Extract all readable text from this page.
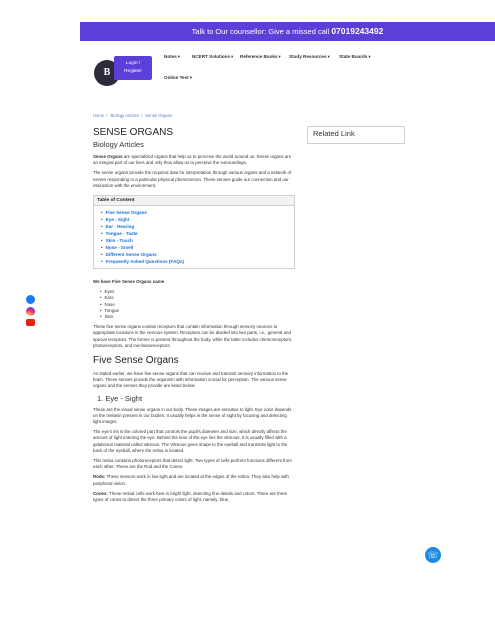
Talk to Our counsellor: Give a missed call 07019243492
B
Login /
Register
Notes▾	NCERT Solutions▾ Reference Books▾ Study Resources▾ State Boards▾
Online Test▾
Home / Biology Articles / Sense Organs
SENSE ORGANS
Biology Articles

Sense Organs are specialized organs that help us to perceive the world around us. Sense organs are an integral part of our lives and only thus allow us to perceive the surroundings.

The sense organs provide the required data for interpretation through various organs and a network of nerves responding to a particular physical phenomenon. These senses guide our connection and our interaction with the environment.

Table of Content
• Five Sense Organs
• Eye - Sight
• Ear - Hearing
• Tongue - Taste
• Skin - Touch
• Nose - Smell
• Different Sense Organs
• Frequently Asked Questions (FAQs)

We have Five Sense Organs name

• Eyes
• Ears
• Nose
• Tongue
• Skin

These five sense organs contain receptors that contain information through sensory neurons to appropriate locations in the nervous system. Receptors can be divided into two parts, i.e., general and special receptors. The former is present throughout the body, while the latter includes chemoreceptors, photoreceptors, and mechanoreceptors.

Five Sense Organs

As stated earlier, we have five sense organs that can receive and transmit sensory information to the brain. These senses provide the organism with information crucial for perception. The various sense organs and the senses they provide are listed below:

1. Eye - Sight

These are the visual sense organs in our body. These images are sensitive to light. Eye color depends on the melanin present in our bodies. It usually helps in the sense of sight by focusing and detecting light images.

The eye's iris is the colored part that controls the pupil's diameter and size, which directly affects the amount of light entering the eye. Behind the lens of the eye lies the vitreous. It is usually filled with a gelatinous material called vitreous. The Vitreous gives shape to the eyeball and transmits light to the back of the eyeball, where the retina is located.

This retina contains photoreceptors that detect light. Two types of cells perform functions different from each other. These are the Rod and the Cones.

Rods: These sensors work in low light and are located at the edges of the retina. They also help with peripheral vision.

Cones: These retinal cells work best in bright light, detecting fine details and colors. There are three types of cones to detect the three primary colors of light, namely: blue,

Related Link
☏
